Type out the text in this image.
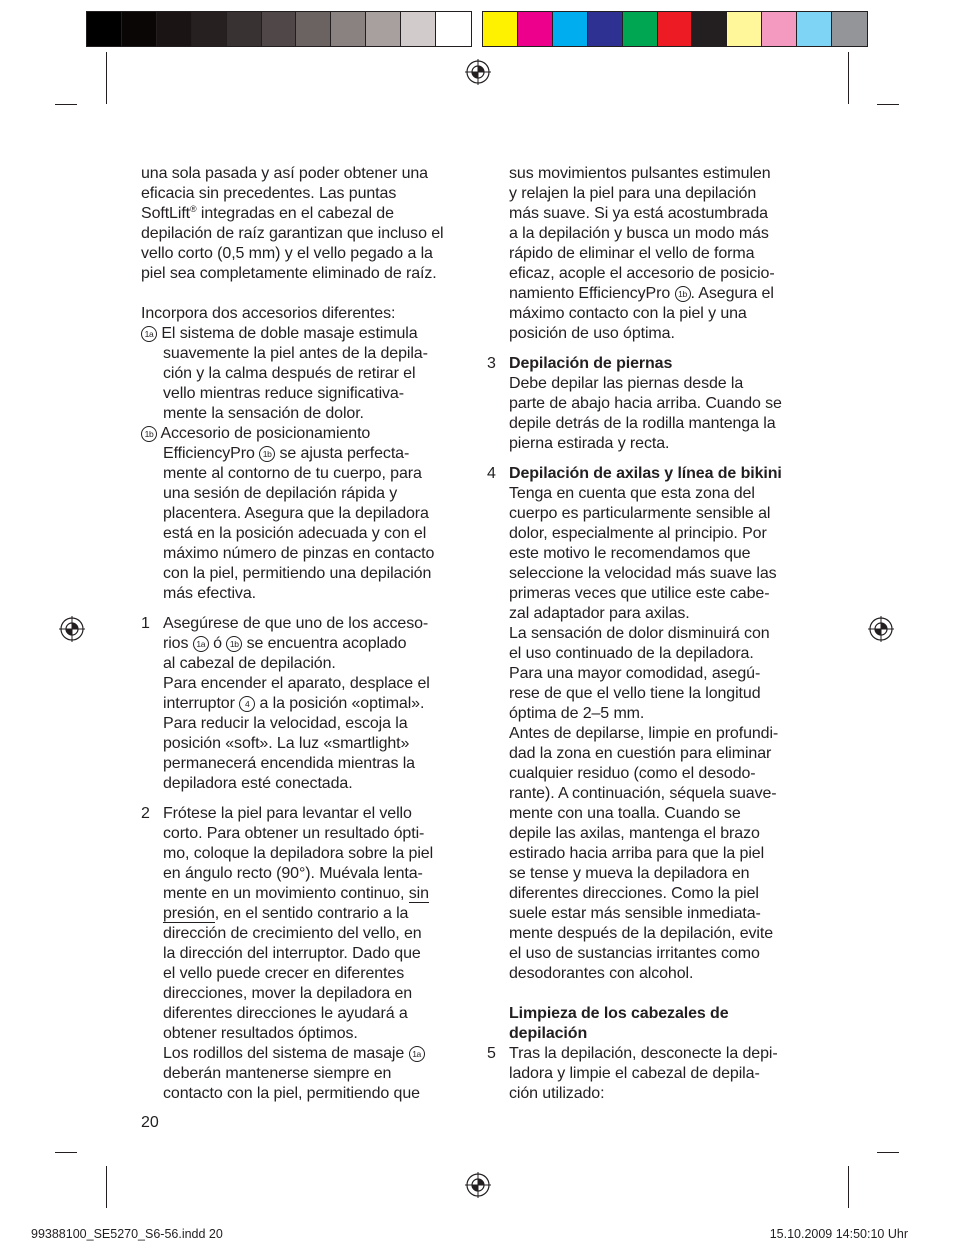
una sola pasada y así poder obtener una

eficacia sin precedentes. Las puntas

SoftLift® integradas en el cabezal de

depilación de raíz garantizan que incluso el

vello corto (0,5 mm) y el vello pegado a la

piel sea completamente eliminado de raíz.

Incorpora dos accesorios diferentes:

1a El sistema de doble masaje estimula

suavemente la piel antes de la depila-

ción y la calma después de retirar el

vello mientras reduce significativa-

mente la sensación de dolor.

1b Accesorio de posicionamiento

EfficiencyPro 1b se ajusta perfecta-

mente al contorno de tu cuerpo, para

una sesión de depilación rápida y

placentera. Asegura que la depiladora

está en la posición adecuada y con el

máximo número de pinzas en contacto

con la piel, permitiendo una depilación

más efectiva.

1 Asegúrese de que uno de los acceso-

rios 1a ó 1b se encuentra acoplado

al cabezal de depilación.

Para encender el aparato, desplace el

interruptor 4 a la posición «optimal».

Para reducir la velocidad, escoja la

posición «soft». La luz «smartlight»

permanecerá encendida mientras la

depiladora esté conectada.

2 Frótese la piel para levantar el vello

corto. Para obtener un resultado ópti-

mo, coloque la depiladora sobre la piel

en ángulo recto (90°). Muévala lenta-

mente en un movimiento continuo, sin

presión, en el sentido contrario a la

dirección de crecimiento del vello, en

la dirección del interruptor. Dado que

el vello puede crecer en diferentes

direcciones, mover la depiladora en

diferentes direcciones le ayudará a

obtener resultados óptimos.

Los rodillos del sistema de masaje 1a

deberán mantenerse siempre en

contacto con la piel, permitiendo que

sus movimientos pulsantes estimulen

y relajen la piel para una depilación

más suave. Si ya está acostumbrada

a la depilación y busca un modo más

rápido de eliminar el vello de forma

eficaz, acople el accesorio de posicio-

namiento EfficiencyPro 1b . Asegura el

máximo contacto con la piel y una

posición de uso óptima.

3 Depilación de piernas

Debe depilar las piernas desde la

parte de abajo hacia arriba. Cuando se

depile detrás de la rodilla mantenga la

pierna estirada y recta.

4 Depilación de axilas y línea de bikini

Tenga en cuenta que esta zona del

cuerpo es particularmente sensible al

dolor, especialmente al principio. Por

este motivo le recomendamos que

seleccione la velocidad más suave las

primeras veces que utilice este cabe-

zal adaptador para axilas.

La sensación de dolor disminuirá con

el uso continuado de la depiladora.

Para una mayor comodidad, asegú-

rese de que el vello tiene la longitud

óptima de 2–5 mm.

Antes de depilarse, limpie en profundi-

dad la zona en cuestión para eliminar

cualquier residuo (como el desodo-

rante). A continuación, séquela suave-

mente con una toalla. Cuando se

depile las axilas, mantenga el brazo

estirado hacia arriba para que la piel

se tense y mueva la depiladora en

diferentes direcciones. Como la piel

suele estar más sensible inmediata-

mente después de la depilación, evite

el uso de sustancias irritantes como

desodorantes con alcohol.

Limpieza de los cabezales de

depilación

5 Tras la depilación, desconecte la depi-

ladora y limpie el cabezal de depila-

ción utilizado:

20
99388100_SE5270_S6-56.indd 20	15.10.2009 14:50:10 Uhr
